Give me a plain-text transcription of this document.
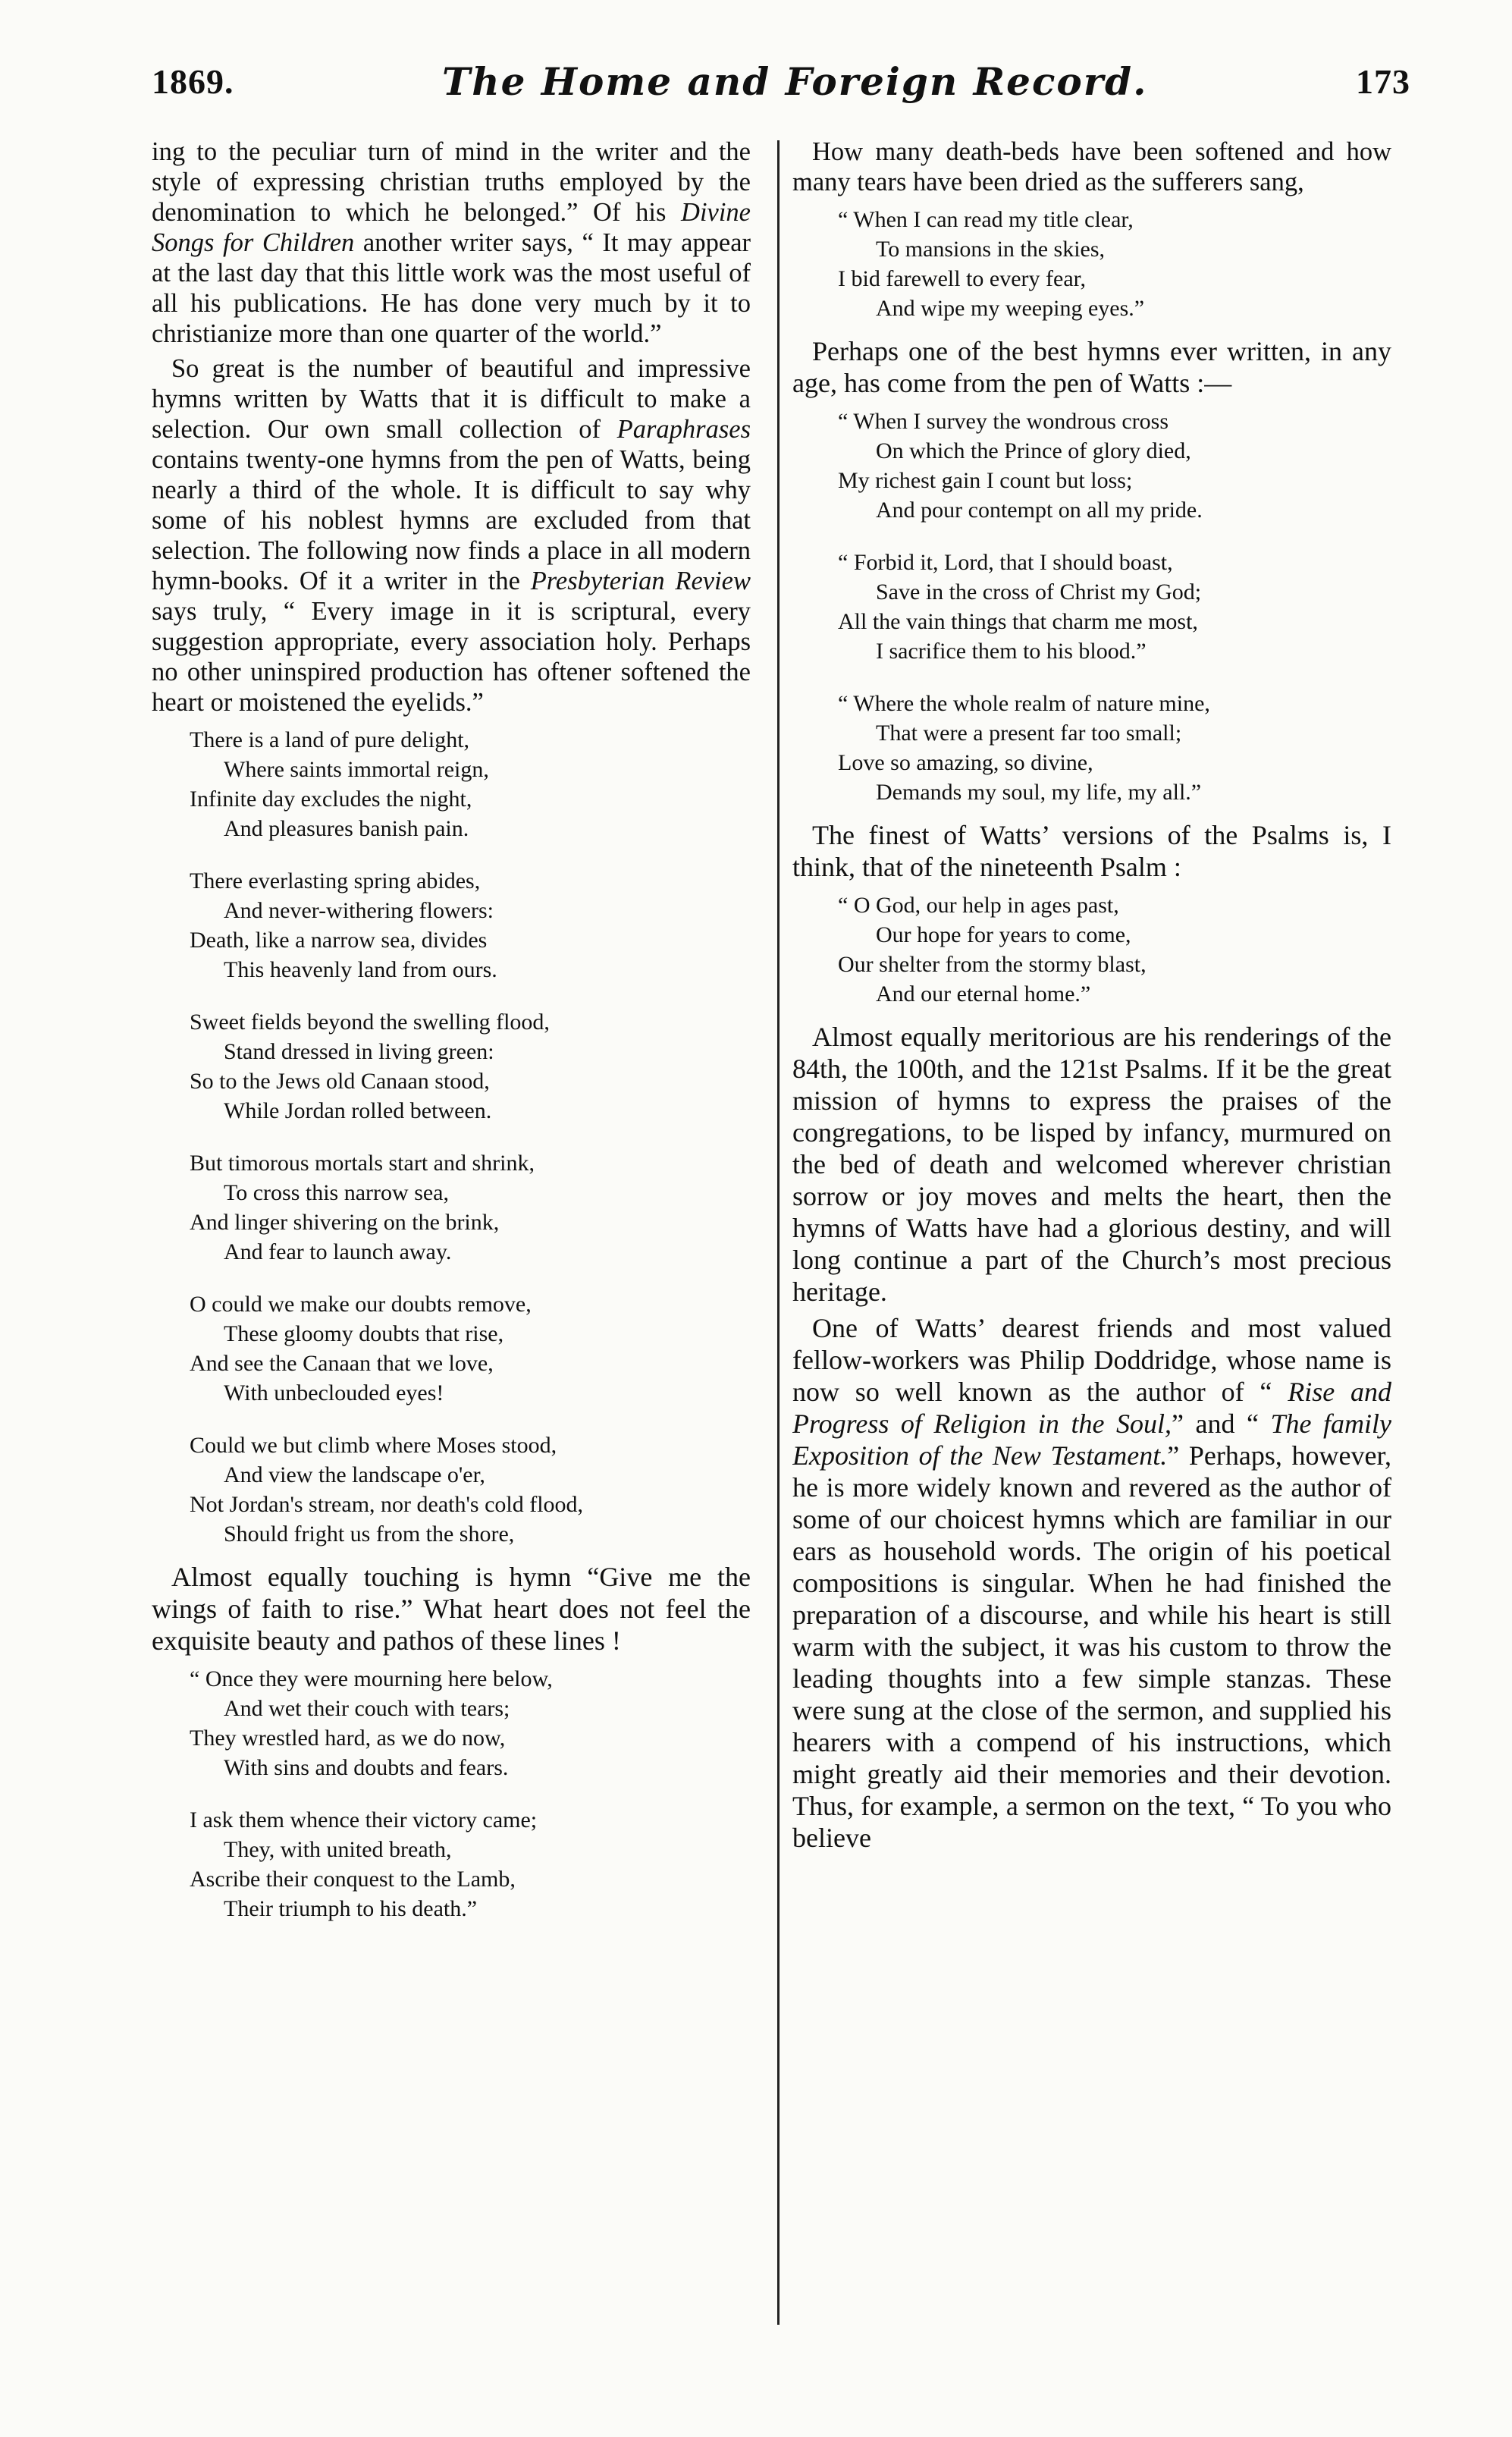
1869.	The Home and Foreign Record.	173

ing to the peculiar turn of mind in the writer and the style of expressing christian truths employed by the denomination to which he belonged.” Of his Divine Songs for Children another writer says, “ It may appear at the last day that this little work was the most useful of all his publications. He has done very much by it to christianize more than one quarter of the world.”

So great is the number of beautiful and impressive hymns written by Watts that it is difficult to make a selection. Our own small collection of Paraphrases contains twenty-one hymns from the pen of Watts, being nearly a third of the whole. It is difficult to say why some of his noblest hymns are excluded from that selection. The following now finds a place in all modern hymn-books. Of it a writer in the Presbyterian Review says truly, “ Every image in it is scriptural, every suggestion appropriate, every association holy. Perhaps no other uninspired production has oftener softened the heart or moistened the eyelids.”

There is a land of pure delight,
Where saints immortal reign,
Infinite day excludes the night,
And pleasures banish pain.
There everlasting spring abides,
And never-withering flowers:
Death, like a narrow sea, divides
This heavenly land from ours.
Sweet fields beyond the swelling flood,
Stand dressed in living green:
So to the Jews old Canaan stood,
While Jordan rolled between.
But timorous mortals start and shrink,
To cross this narrow sea,
And linger shivering on the brink,
And fear to launch away.
O could we make our doubts remove,
These gloomy doubts that rise,
And see the Canaan that we love,
With unbeclouded eyes!
Could we but climb where Moses stood,
And view the landscape o'er,
Not Jordan's stream, nor death's cold flood,
Should fright us from the shore,

Almost equally touching is hymn “Give me the wings of faith to rise.” What heart does not feel the exquisite beauty and pathos of these lines !

“ Once they were mourning here below,
And wet their couch with tears;
They wrestled hard, as we do now,
With sins and doubts and fears.
I ask them whence their victory came;
They, with united breath,
Ascribe their conquest to the Lamb,
Their triumph to his death.”

How many death-beds have been softened and how many tears have been dried as the sufferers sang,

“ When I can read my title clear,
To mansions in the skies,
I bid farewell to every fear,
And wipe my weeping eyes.”

Perhaps one of the best hymns ever written, in any age, has come from the pen of Watts :—

“ When I survey the wondrous cross
On which the Prince of glory died,
My richest gain I count but loss;
And pour contempt on all my pride.
“ Forbid it, Lord, that I should boast,
Save in the cross of Christ my God;
All the vain things that charm me most,
I sacrifice them to his blood.”
“ Where the whole realm of nature mine,
That were a present far too small;
Love so amazing, so divine,
Demands my soul, my life, my all.”

The finest of Watts’ versions of the Psalms is, I think, that of the nineteenth Psalm :

“ O God, our help in ages past,
Our hope for years to come,
Our shelter from the stormy blast,
And our eternal home.”

Almost equally meritorious are his renderings of the 84th, the 100th, and the 121st Psalms. If it be the great mission of hymns to express the praises of the congregations, to be lisped by infancy, murmured on the bed of death and welcomed wherever christian sorrow or joy moves and melts the heart, then the hymns of Watts have had a glorious destiny, and will long continue a part of the Church’s most precious heritage.

One of Watts’ dearest friends and most valued fellow-workers was Philip Doddridge, whose name is now so well known as the author of “ Rise and Progress of Religion in the Soul,” and “ The family Exposition of the New Testament.” Perhaps, however, he is more widely known and revered as the author of some of our choicest hymns which are familiar in our ears as household words. The origin of his poetical compositions is singular. When he had finished the preparation of a discourse, and while his heart is still warm with the subject, it was his custom to throw the leading thoughts into a few simple stanzas. These were sung at the close of the sermon, and supplied his hearers with a compend of his instructions, which might greatly aid their memories and their devotion. Thus, for example, a sermon on the text, “ To you who believe
